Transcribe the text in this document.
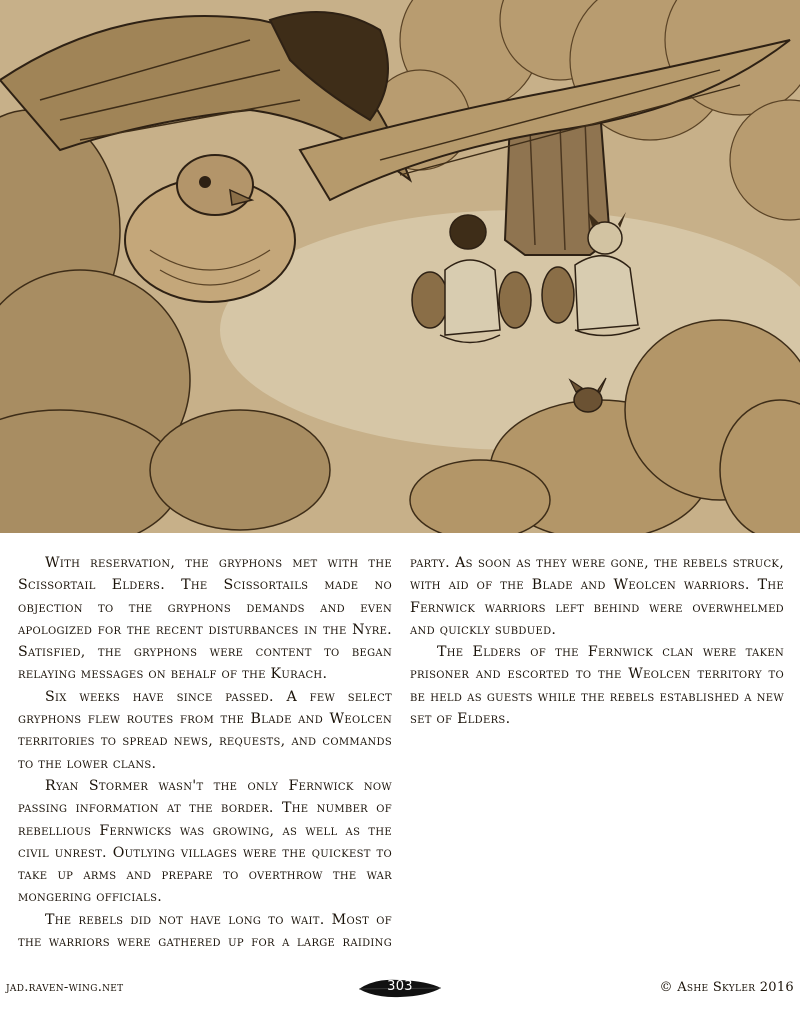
With reservation, the gryphons met with the Scissortail Elders. The Scissortails made no objection to the gryphons demands and even apologized for the recent disturbances in the Nyre. Satisfied, the gryphons were content to began relaying messages on behalf of the Kurach.

Six weeks have since passed. A few select gryphons flew routes from the Blade and Weolcen territories to spread news, requests, and commands to the lower clans.

Ryan Stormer wasn't the only Fernwick now passing information at the border. The number of rebellious Fernwicks was growing, as well as the civil unrest. Outlying villages were the quickest to take up arms and prepare to overthrow the war mongering officials.

The rebels did not have long to wait. Most of the warriors were gathered up for a large raiding party. As soon as they were gone, the rebels struck, with aid of the Blade and Weolcen warriors. The Fernwick warriors left behind were overwhelmed and quickly subdued.

The Elders of the Fernwick clan were taken prisoner and escorted to the Weolcen territory to be held as guests while the rebels established a new set of Elders.

jad.raven-wing.net	303	© Ashe Skyler 2016
